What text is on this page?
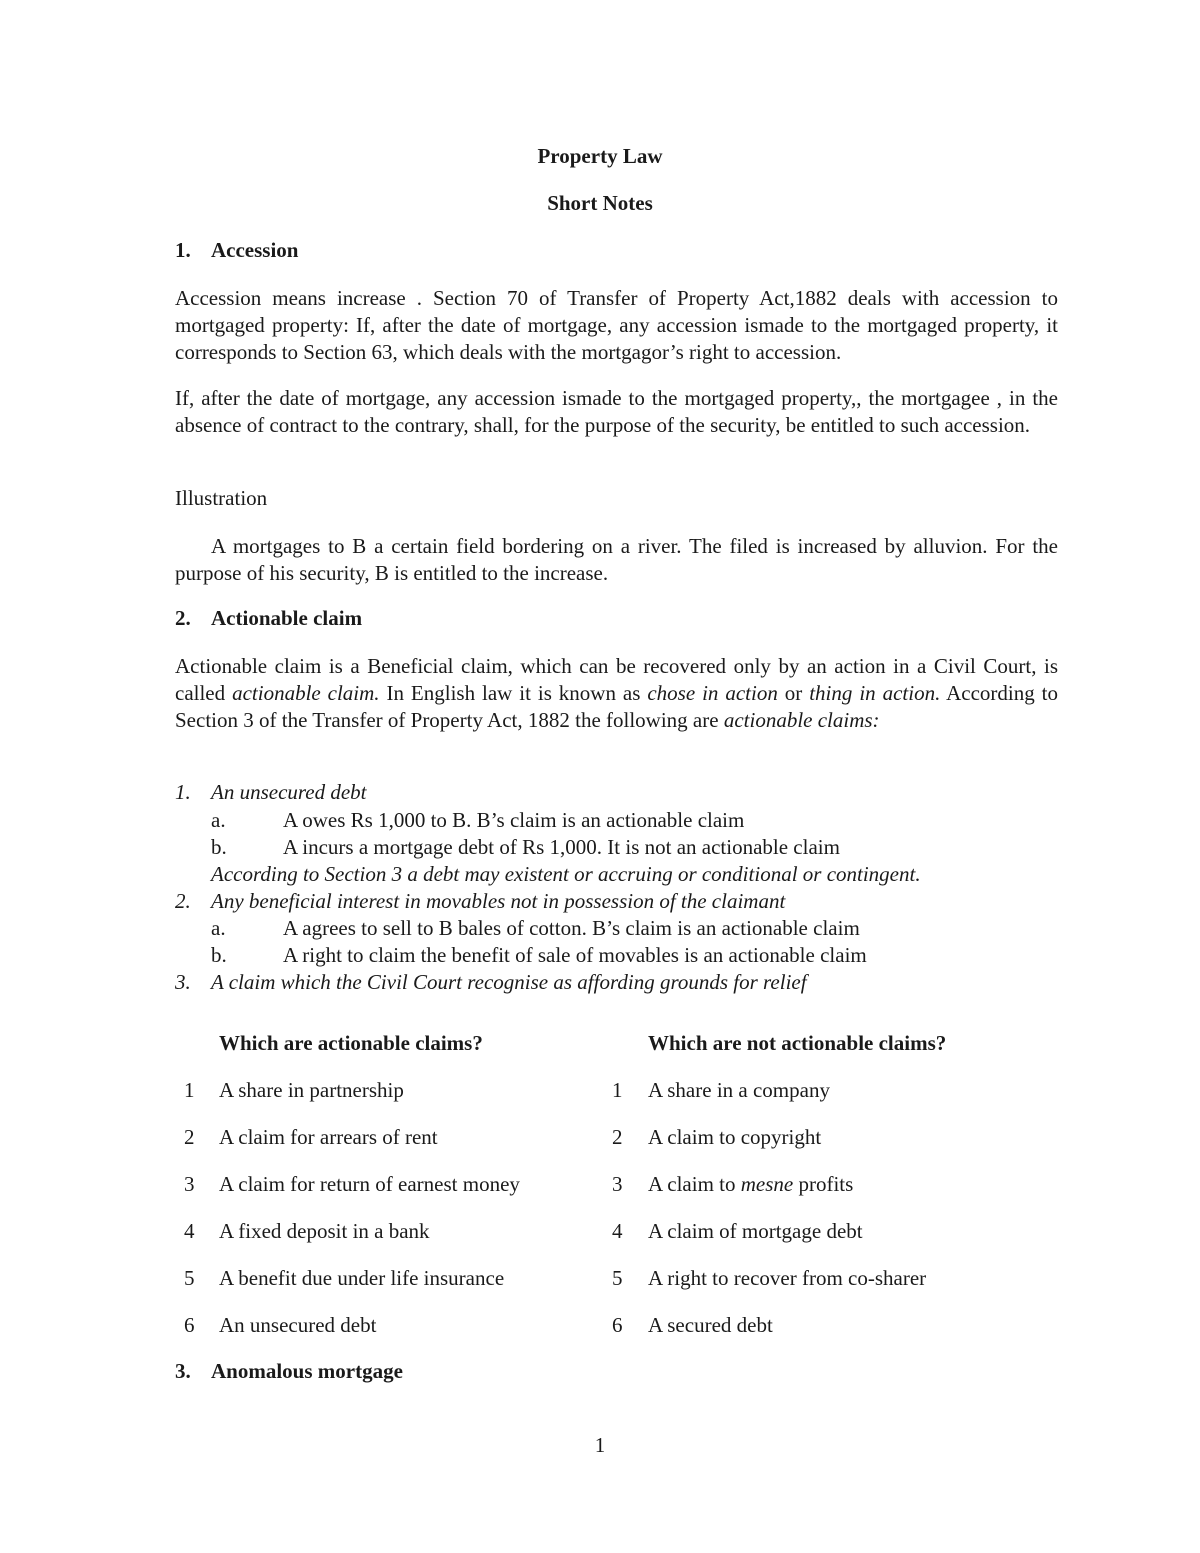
Property Law

Short Notes

1. Accession

Accession means increase . Section 70 of Transfer of Property Act,1882 deals with accession to mortgaged property: If, after the date of mortgage, any accession ismade to the mortgaged property, it corresponds to Section 63, which deals with the mortgagor’s right to accession.

If, after the date of mortgage, any accession ismade to the mortgaged property,, the mortgagee , in the absence of contract to the contrary, shall, for the purpose of the security, be entitled to such accession.

Illustration

A mortgages to B a certain field bordering on a river. The filed is increased by alluvion. For the purpose of his security, B is entitled to the increase.

2. Actionable claim

Actionable claim is a Beneficial claim, which can be recovered only by an action in a Civil Court, is called actionable claim. In English law it is known as chose in action or thing in action. According to Section 3 of the Transfer of Property Act, 1882 the following are actionable claims:

1. An unsecured debt

a.	A owes Rs 1,000 to B. B’s claim is an actionable claim

b.	A incurs a mortgage debt of Rs 1,000. It is not an actionable claim

According to Section 3 a debt may existent or accruing or conditional or contingent.

2. Any beneficial interest in movables not in possession of the claimant

a.	A agrees to sell to B bales of cotton. B’s claim is an actionable claim

b.	A right to claim the benefit of sale of movables is an actionable claim

3. A claim which the Civil Court recognise as affording grounds for relief

Which are actionable claims?	Which are not actionable claims?

1 A share in partnership	1 A share in a company

2 A claim for arrears of rent	2 A claim to copyright

3 A claim for return of earnest money	3 A claim to mesne profits

4 A fixed deposit in a bank	4 A claim of mortgage debt

5 A benefit due under life insurance	5 A right to recover from co-sharer

6 An unsecured debt	6 A secured debt

3. Anomalous mortgage

1
